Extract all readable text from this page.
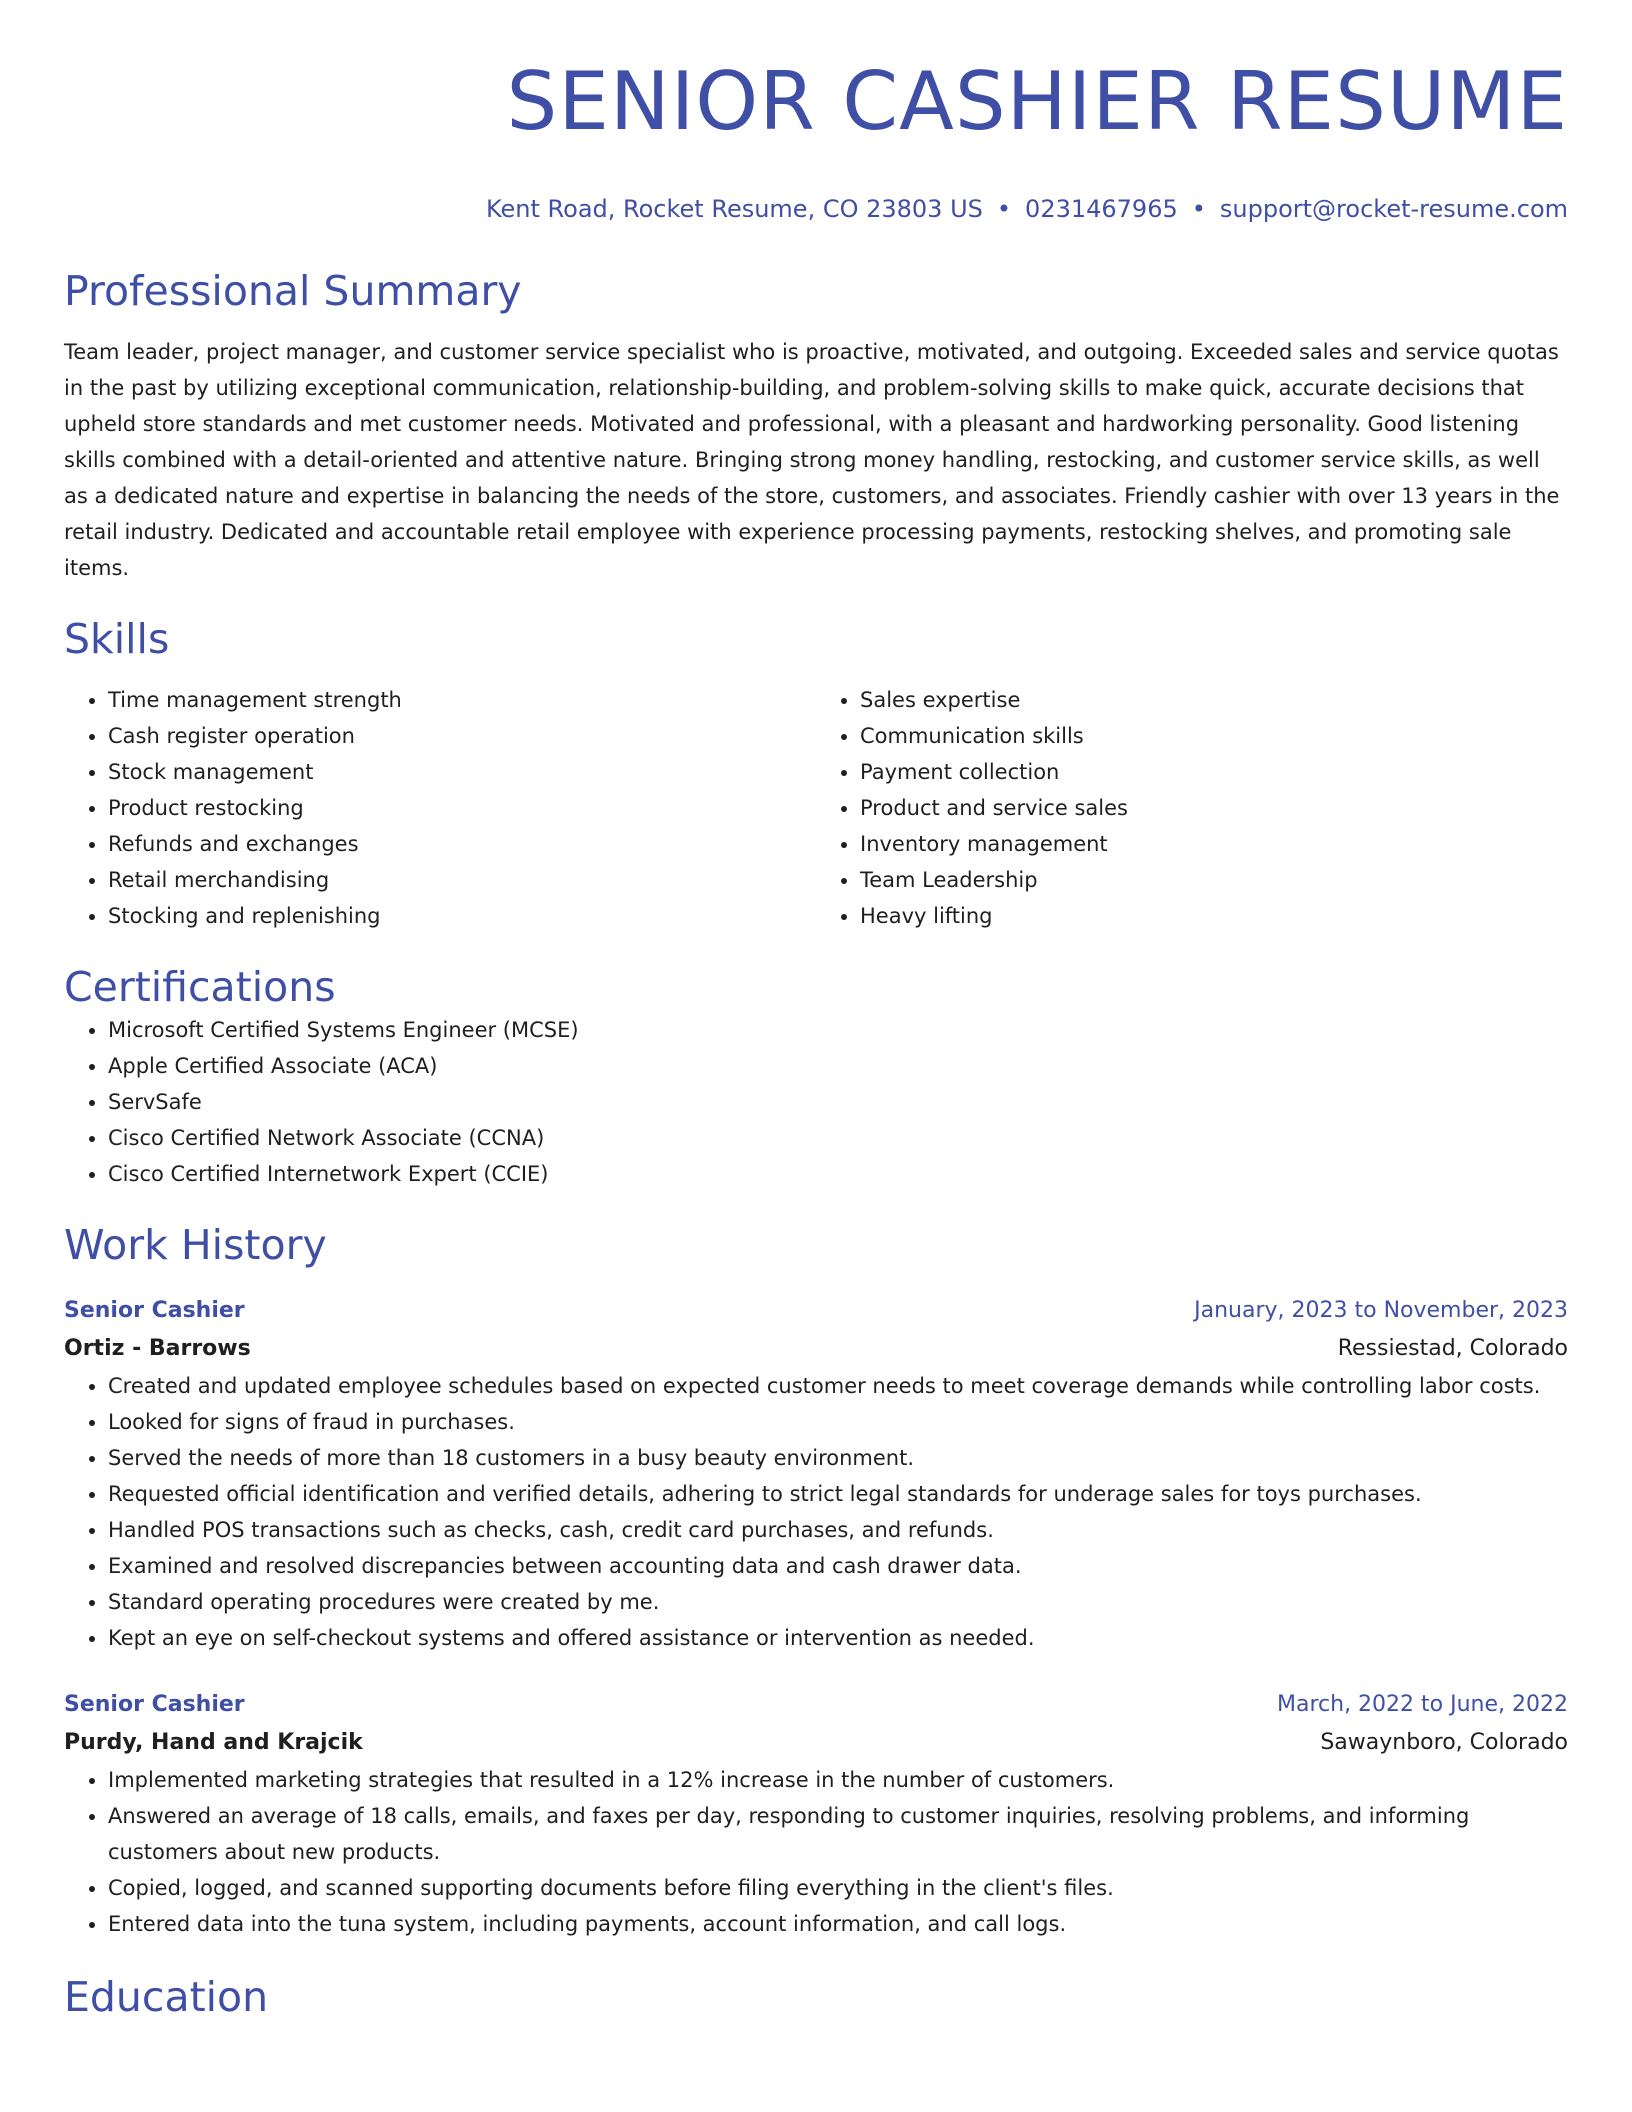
SENIOR CASHIER RESUME
Kent Road, Rocket Resume, CO 23803 US • 0231467965 • support@rocket-resume.com
Professional Summary

Team leader, project manager, and customer service specialist who is proactive, motivated, and outgoing. Exceeded sales and service quotas in the past by utilizing exceptional communication, relationship-building, and problem-solving skills to make quick, accurate decisions that upheld store standards and met customer needs. Motivated and professional, with a pleasant and hardworking personality. Good listening skills combined with a detail-oriented and attentive nature. Bringing strong money handling, restocking, and customer service skills, as well as a dedicated nature and expertise in balancing the needs of the store, customers, and associates. Friendly cashier with over 13 years in the retail industry. Dedicated and accountable retail employee with experience processing payments, restocking shelves, and promoting sale items.

Skills
• Time management strength
• Cash register operation
• Stock management
• Product restocking
• Refunds and exchanges
• Retail merchandising
• Stocking and replenishing
• Sales expertise
• Communication skills
• Payment collection
• Product and service sales
• Inventory management
• Team Leadership
• Heavy lifting
Certifications
• Microsoft Certified Systems Engineer (MCSE)
• Apple Certified Associate (ACA)
• ServSafe
• Cisco Certified Network Associate (CCNA)
• Cisco Certified Internetwork Expert (CCIE)
Work History
Senior Cashier	January, 2023 to November, 2023
Ortiz - Barrows	Ressiestad, Colorado
• Created and updated employee schedules based on expected customer needs to meet coverage demands while controlling labor costs.
• Looked for signs of fraud in purchases.
• Served the needs of more than 18 customers in a busy beauty environment.
• Requested official identification and verified details, adhering to strict legal standards for underage sales for toys purchases.
• Handled POS transactions such as checks, cash, credit card purchases, and refunds.
• Examined and resolved discrepancies between accounting data and cash drawer data.
• Standard operating procedures were created by me.
• Kept an eye on self-checkout systems and offered assistance or intervention as needed.
Senior Cashier	March, 2022 to June, 2022
Purdy, Hand and Krajcik	Sawaynboro, Colorado
• Implemented marketing strategies that resulted in a 12% increase in the number of customers.
• Answered an average of 18 calls, emails, and faxes per day, responding to customer inquiries, resolving problems, and informing customers about new products.
• Copied, logged, and scanned supporting documents before filing everything in the client's files.
• Entered data into the tuna system, including payments, account information, and call logs.
Education
